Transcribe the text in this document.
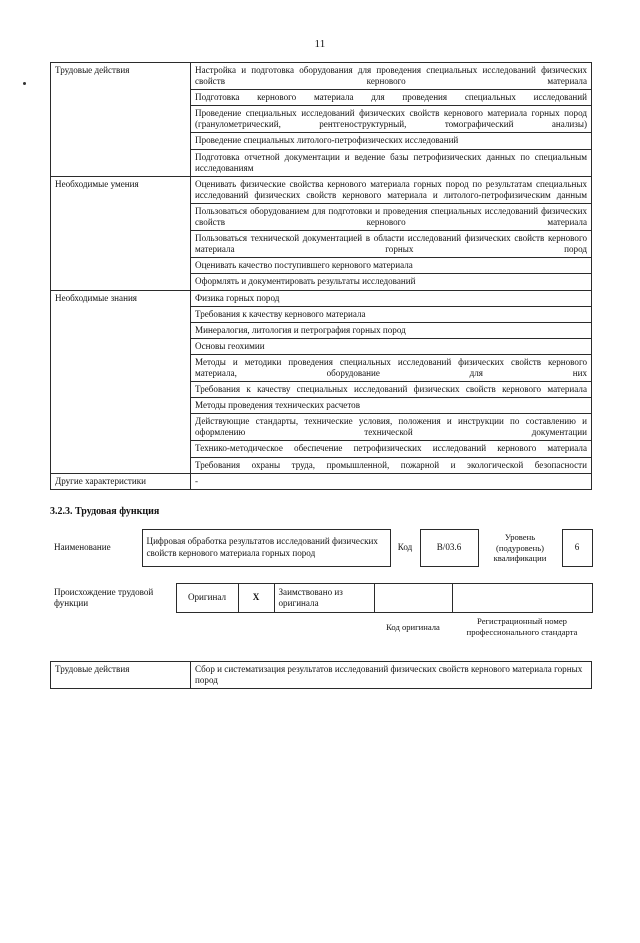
11
Трудовые действия	Настройка и подготовка оборудования для проведения специальных исследований физических свойств кернового материала
	Подготовка кернового материала для проведения специальных исследований
	Проведение специальных исследований физических свойств кернового материала горных пород (гранулометрический, рентгеноструктурный, томографический анализы)
	Проведение специальных литолого-петрофизических исследований
	Подготовка отчетной документации и ведение базы петрофизических данных по специальным исследованиям
Необходимые умения	Оценивать физические свойства кернового материала горных пород по результатам специальных исследований физических свойств кернового материала и литолого-петрофизическим данным
	Пользоваться оборудованием для подготовки и проведения специальных исследований физических свойств кернового материала
	Пользоваться технической документацией в области исследований физических свойств кернового материала горных пород
	Оценивать качество поступившего кернового материала
	Оформлять и документировать результаты исследований
Необходимые знания	Физика горных пород
	Требования к качеству кернового материала
	Минералогия, литология и петрография горных пород
	Основы геохимии
	Методы и методики проведения специальных исследований физических свойств кернового материала, оборудование для них
	Требования к качеству специальных исследований физических свойств кернового материала
	Методы проведения технических расчетов
	Действующие стандарты, технические условия, положения и инструкции по составлению и оформлению технической документации
	Технико-методическое обеспечение петрофизических исследований кернового материала
	Требования охраны труда, промышленной, пожарной и экологической безопасности
Другие характеристики	-
3.2.3. Трудовая функция
Наименование	Цифровая обработка результатов исследований физических свойств кернового материала горных пород	Код	В/03.6	Уровень (подуровень) квалификации	6
Происхождение трудовой функции	Оригинал	X	Заимствовано из оригинала		
				Код оригинала	Регистрационный номер профессионального стандарта
Трудовые действия	Сбор и систематизация результатов исследований физических свойств кернового материала горных пород
